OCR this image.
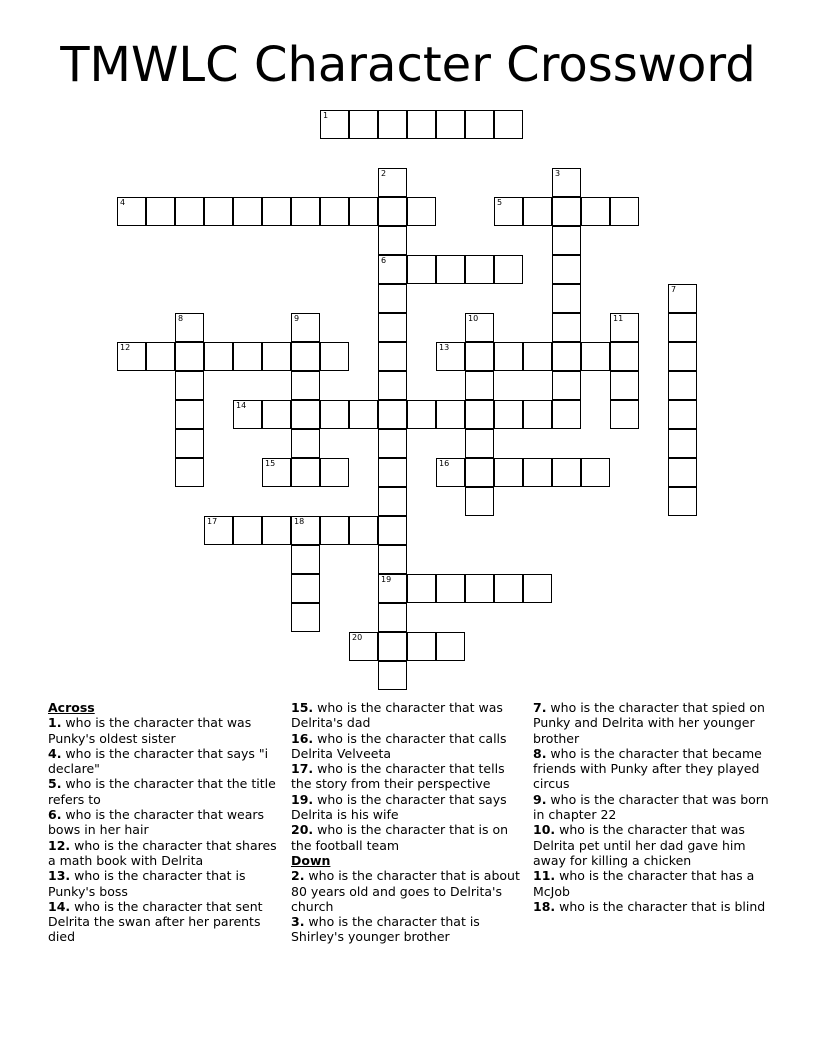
TMWLC Character Crossword
1
2
6
19
3
4	5
7
8	9	10	11
12	13
14
15	16
17	18
20
Across
1. who is the character that was Punky's oldest sister
4. who is the character that says "i declare"
5. who is the character that the title refers to
6. who is the character that wears bows in her hair
12. who is the character that shares a math book with Delrita
13. who is the character that is Punky's boss
14. who is the character that sent Delrita the swan after her parents died
15. who is the character that was Delrita's dad
16. who is the character that calls Delrita Velveeta
17. who is the character that tells the story from their perspective
19. who is the character that says Delrita is his wife
20. who is the character that is on the football team
Down
2. who is the character that is about 80 years old and goes to Delrita's church
3. who is the character that is Shirley's younger brother
7. who is the character that spied on Punky and Delrita with her younger brother
8. who is the character that became friends with Punky after they played circus
9. who is the character that was born in chapter 22
10. who is the character that was Delrita pet until her dad gave him away for killing a chicken
11. who is the character that has a McJob
18. who is the character that is blind
